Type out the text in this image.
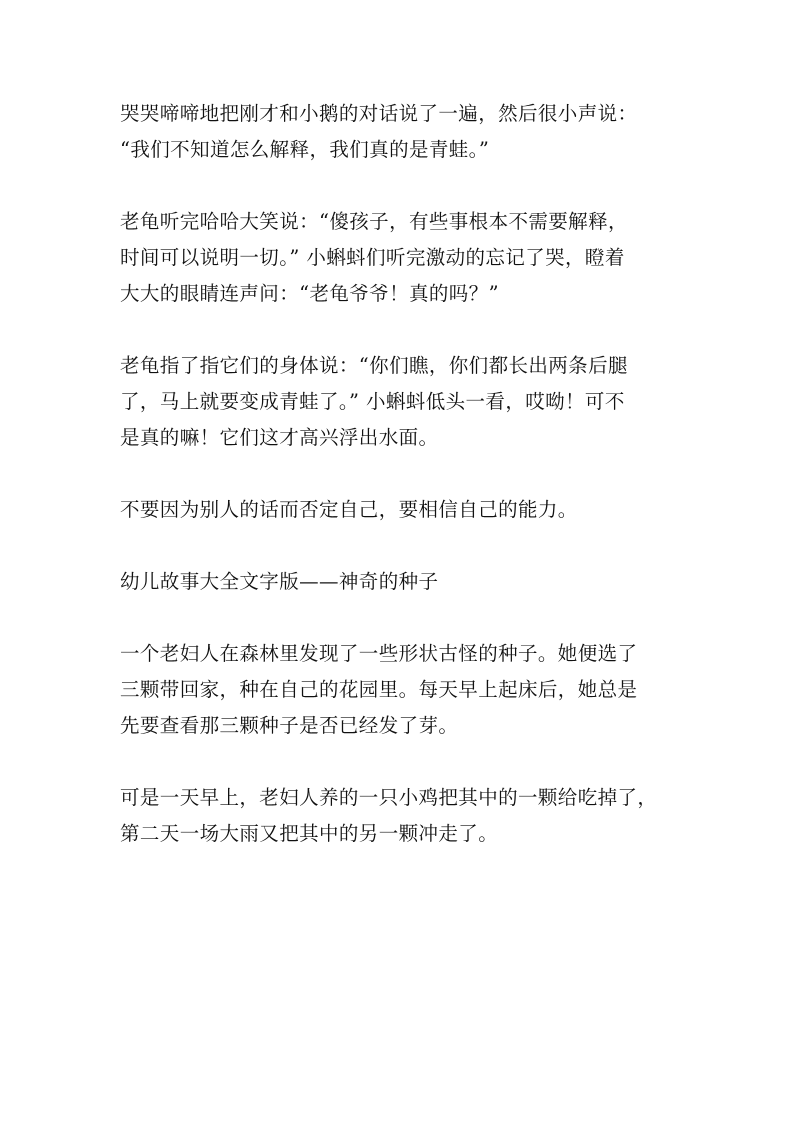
哭哭啼啼地把刚才和小鹅的对话说了一遍，然后很小声说：
“我们不知道怎么解释，我们真的是青蛙。”

老龟听完哈哈大笑说：“傻孩子，有些事根本不需要解释，
时间可以说明一切。” 小蝌蚪们听完激动的忘记了哭，瞪着
大大的眼睛连声问：“老龟爷爷！真的吗？”

老龟指了指它们的身体说：“你们瞧，你们都长出两条后腿
了，马上就要变成青蛙了。” 小蝌蚪低头一看，哎呦！可不
是真的嘛！它们这才高兴浮出水面。

不要因为别人的话而否定自己，要相信自己的能力。

幼儿故事大全文字版——神奇的种子

一个老妇人在森林里发现了一些形状古怪的种子。她便选了
三颗带回家，种在自己的花园里。每天早上起床后，她总是
先要查看那三颗种子是否已经发了芽。

可是一天早上，老妇人养的一只小鸡把其中的一颗给吃掉了，
第二天一场大雨又把其中的另一颗冲走了。
